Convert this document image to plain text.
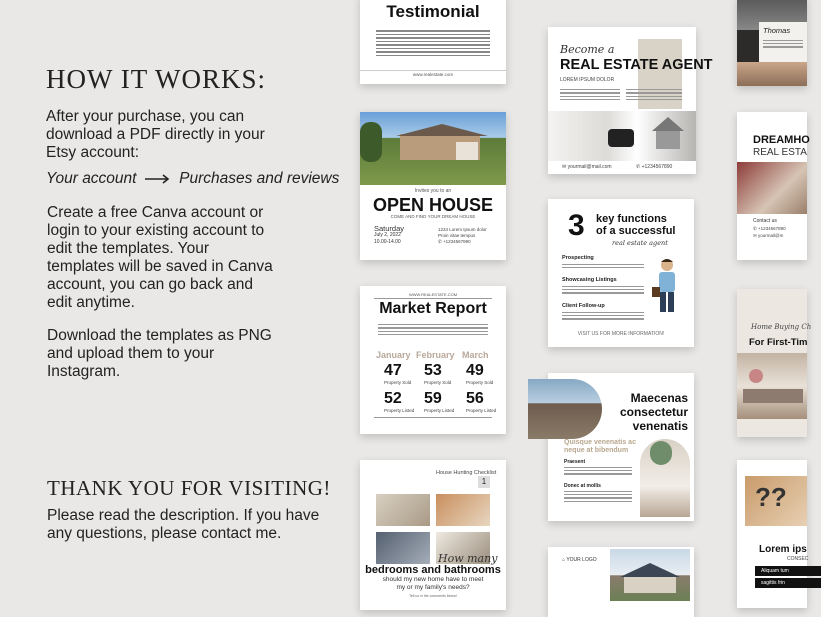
HOW IT WORKS:
After your purchase, you can
download a PDF directly in your
Etsy account:
Your account	Purchases and reviews
Create a free Canva account or
login to your existing account to
edit the templates. Your
templates will be saved in Canva
account, you can go back and
edit anytime.
Download the templates as PNG
and upload them to your
Instagram.
THANK YOU FOR VISITING!
Please read the description. If you have
any questions, please contact me.
Testimonial
www.realestate.com
Invites you to an
OPEN HOUSE
COME AND FIND YOUR DREAM HOUSE
Saturday
July 2, 2022
10.00-14.00
1234 Lorem Ipsum dolor
Proin vitae tempus
✆ +1234567890
WWW.REALESTATE.COM
Market Report
January February March
47 53 49
Property Sold	Property Sold	Property Sold
52 59 56
Property Listed Property Listed	Property Listed
House Hunting Checklist
1
How many
bedrooms and bathrooms
should my new home have to meet
my or my family's needs?
Tell us in the comments below!
Become a
REAL ESTATE AGENT
LOREM IPSUM DOLOR
✉ yourmail@mail.com	✆ +1234567890
3 key functions
of a successful
real estate agent
Prospecting
Showcasing Listings
Client Follow-up
VISIT US FOR MORE INFORMATION!
Maecenas
consectetur
venenatis
Quisque venenatis ac neque at bibendum
Praesent
Donec at mollis
⌂ YOUR LOGO
Thomas
DREAMHO
REAL ESTA
Contact us
✆ +1234567890
✉ yourmail@m
Home Buying Ch
For First-Tim
??
Lorem ips
CONSEC
Aliquam tum
sagittis frin
